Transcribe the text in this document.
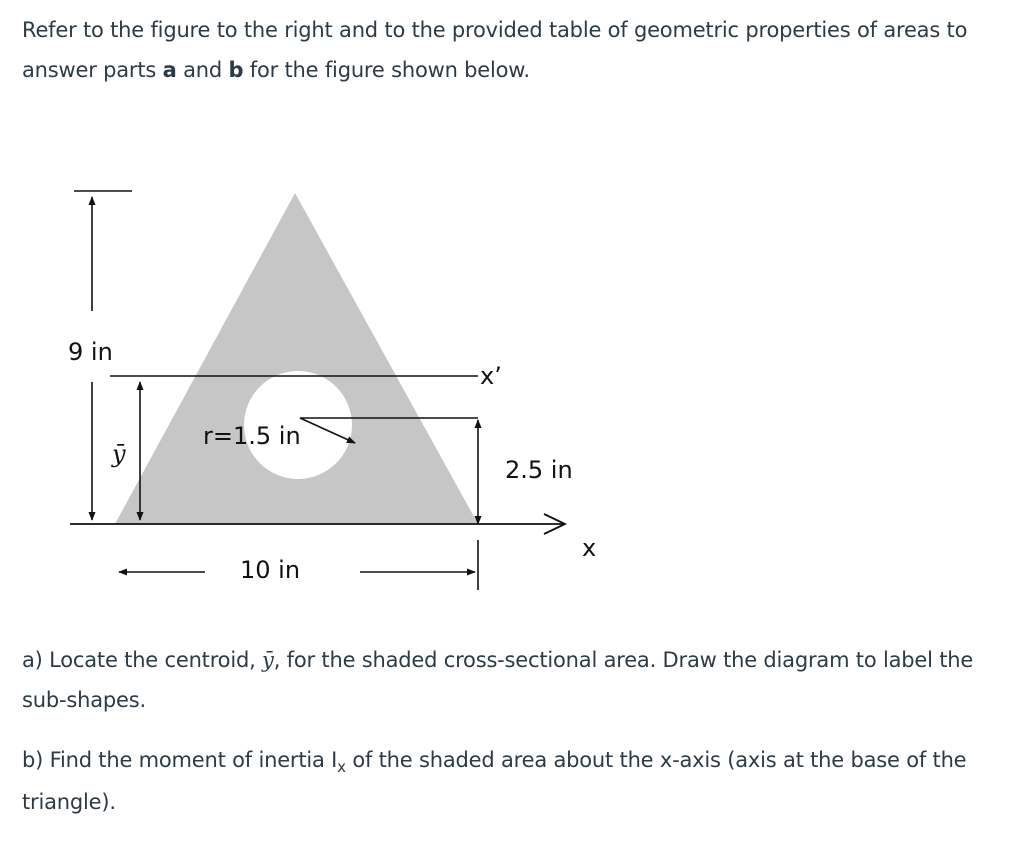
Refer to the figure to the right and to the provided table of geometric properties of areas to answer parts a and b for the figure shown below.

9 in
x’
ȳ
r=1.5 in
2.5 in
x
10 in

a) Locate the centroid, ȳ, for the shaded cross-sectional area. Draw the diagram to label the sub-shapes.

b) Find the moment of inertia $I_x$ of the shaded area about the x-axis (axis at the base of the triangle).
